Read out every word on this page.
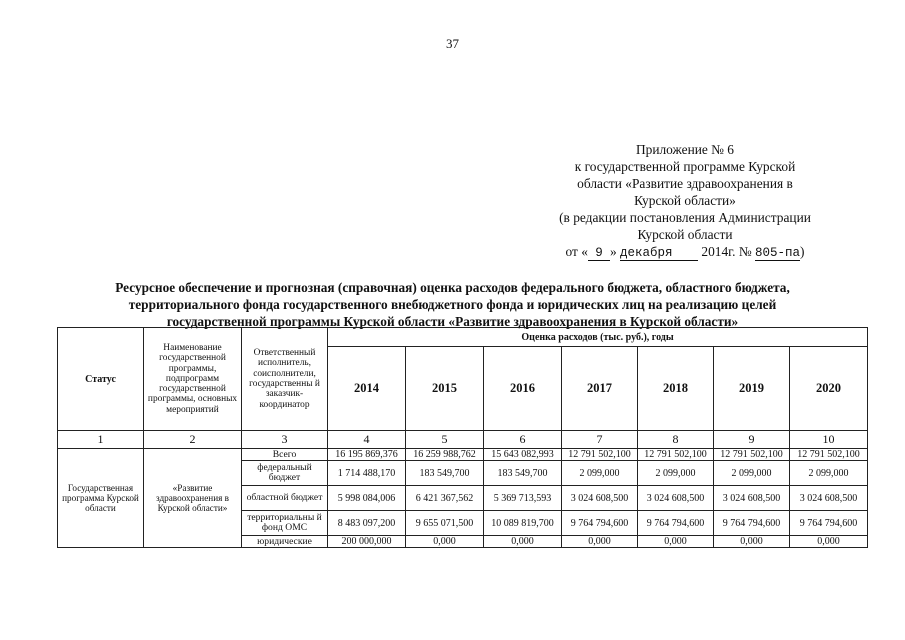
37
Приложение № 6
к государственной программе Курской
области «Развитие здравоохранения в
Курской области»
(в редакции постановления Администрации
Курской области
от « 9 » декабря 2014г. № 805-па)
Ресурсное обеспечение и прогнозная (справочная) оценка расходов федерального бюджета, областного бюджета,
территориального фонда государственного внебюджетного фонда и юридических лиц на реализацию целей
государственной программы Курской области «Развитие здравоохранения в Курской области»
Статус	Наименование государственной программы, подпрограмм государственной программы, основных мероприятий	Ответственный исполнитель, соисполнители, государственны й заказчик-координатор	Оценка расходов (тыс. руб.), годы						
			2014	2015	2016	2017	2018	2019	2020
1	2	3	4	5	6	7	8	9	10
Государственная программа Курской области	«Развитие здравоохранения в Курской области»	Всего	16 195 869,376	16 259 988,762	15 643 082,993	12 791 502,100	12 791 502,100	12 791 502,100	12 791 502,100
		федеральный бюджет	1 714 488,170	183 549,700	183 549,700	2 099,000	2 099,000	2 099,000	2 099,000
		областной бюджет	5 998 084,006	6 421 367,562	5 369 713,593	3 024 608,500	3 024 608,500	3 024 608,500	3 024 608,500
		территориальны й фонд ОМС	8 483 097,200	9 655 071,500	10 089 819,700	9 764 794,600	9 764 794,600	9 764 794,600	9 764 794,600
		юридические	200 000,000	0,000	0,000	0,000	0,000	0,000	0,000
